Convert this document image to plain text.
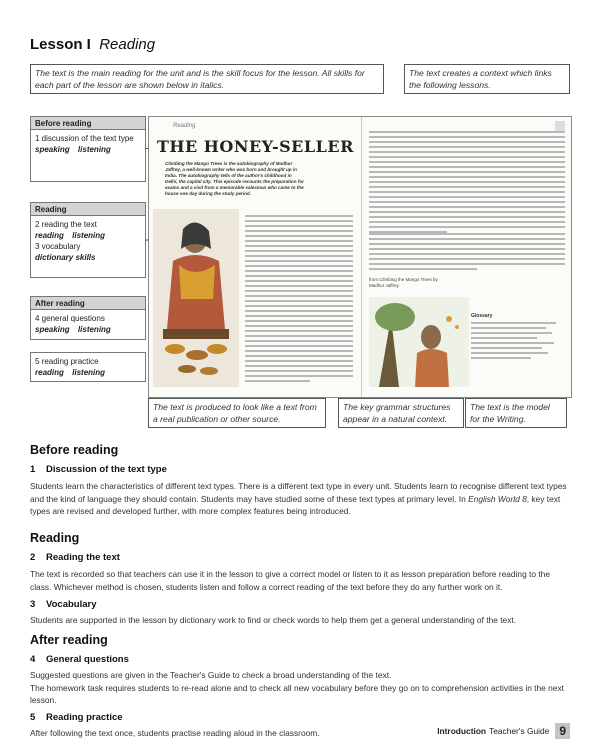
Lesson I Reading
The text is the main reading for the unit and is the skill focus for the lesson. All skills for each part of the lesson are shown below in italics.
The text creates a context which links the following lessons.
Before reading
1 discussion of the text type
speaking listening
Reading
2 reading the text
reading listening
3 vocabulary
dictionary skills
After reading
4 general questions
speaking listening
5 reading practice
reading listening
Reading
THE HONEY-SELLER
Climbing the Mango Trees is the autobiography of Madhur Jaffrey, a well-known writer who was born and brought up in India. The autobiography tells of the author's childhood in Delhi, the capital city. This episode recounts the preparation for exams and a visit from a memorable salesman who came to the house one day during the study period.
from Climbing the Mango Trees by Madhur Jaffrey
Glossary
The text is produced to look like a text from a real publication or other source.
The key grammar structures appear in a natural context.
The text is the model for the Writing.
Before reading
1 Discussion of the text type
Students learn the characteristics of different text types. There is a different text type in every unit. Students learn to recognise different text types and the kind of language they should contain. Students may have studied some of these text types at primary level. In English World 8, key text types are revised and developed further, with more complex features being introduced.
Reading
2 Reading the text
The text is recorded so that teachers can use it in the lesson to give a correct model or listen to it as lesson preparation before reading to the class. Whichever method is chosen, students listen and follow a correct reading of the text before they do any further work on it.
3 Vocabulary
Students are supported in the lesson by dictionary work to find or check words to help them get a general understanding of the text.
After reading
4 General questions
Suggested questions are given in the Teacher's Guide to check a broad understanding of the text.
The homework task requires students to re-read alone and to check all new vocabulary before they go on to comprehension activities in the next lesson.
5 Reading practice
After following the text once, students practise reading aloud in the classroom.	Introduction Teacher's Guide 9
